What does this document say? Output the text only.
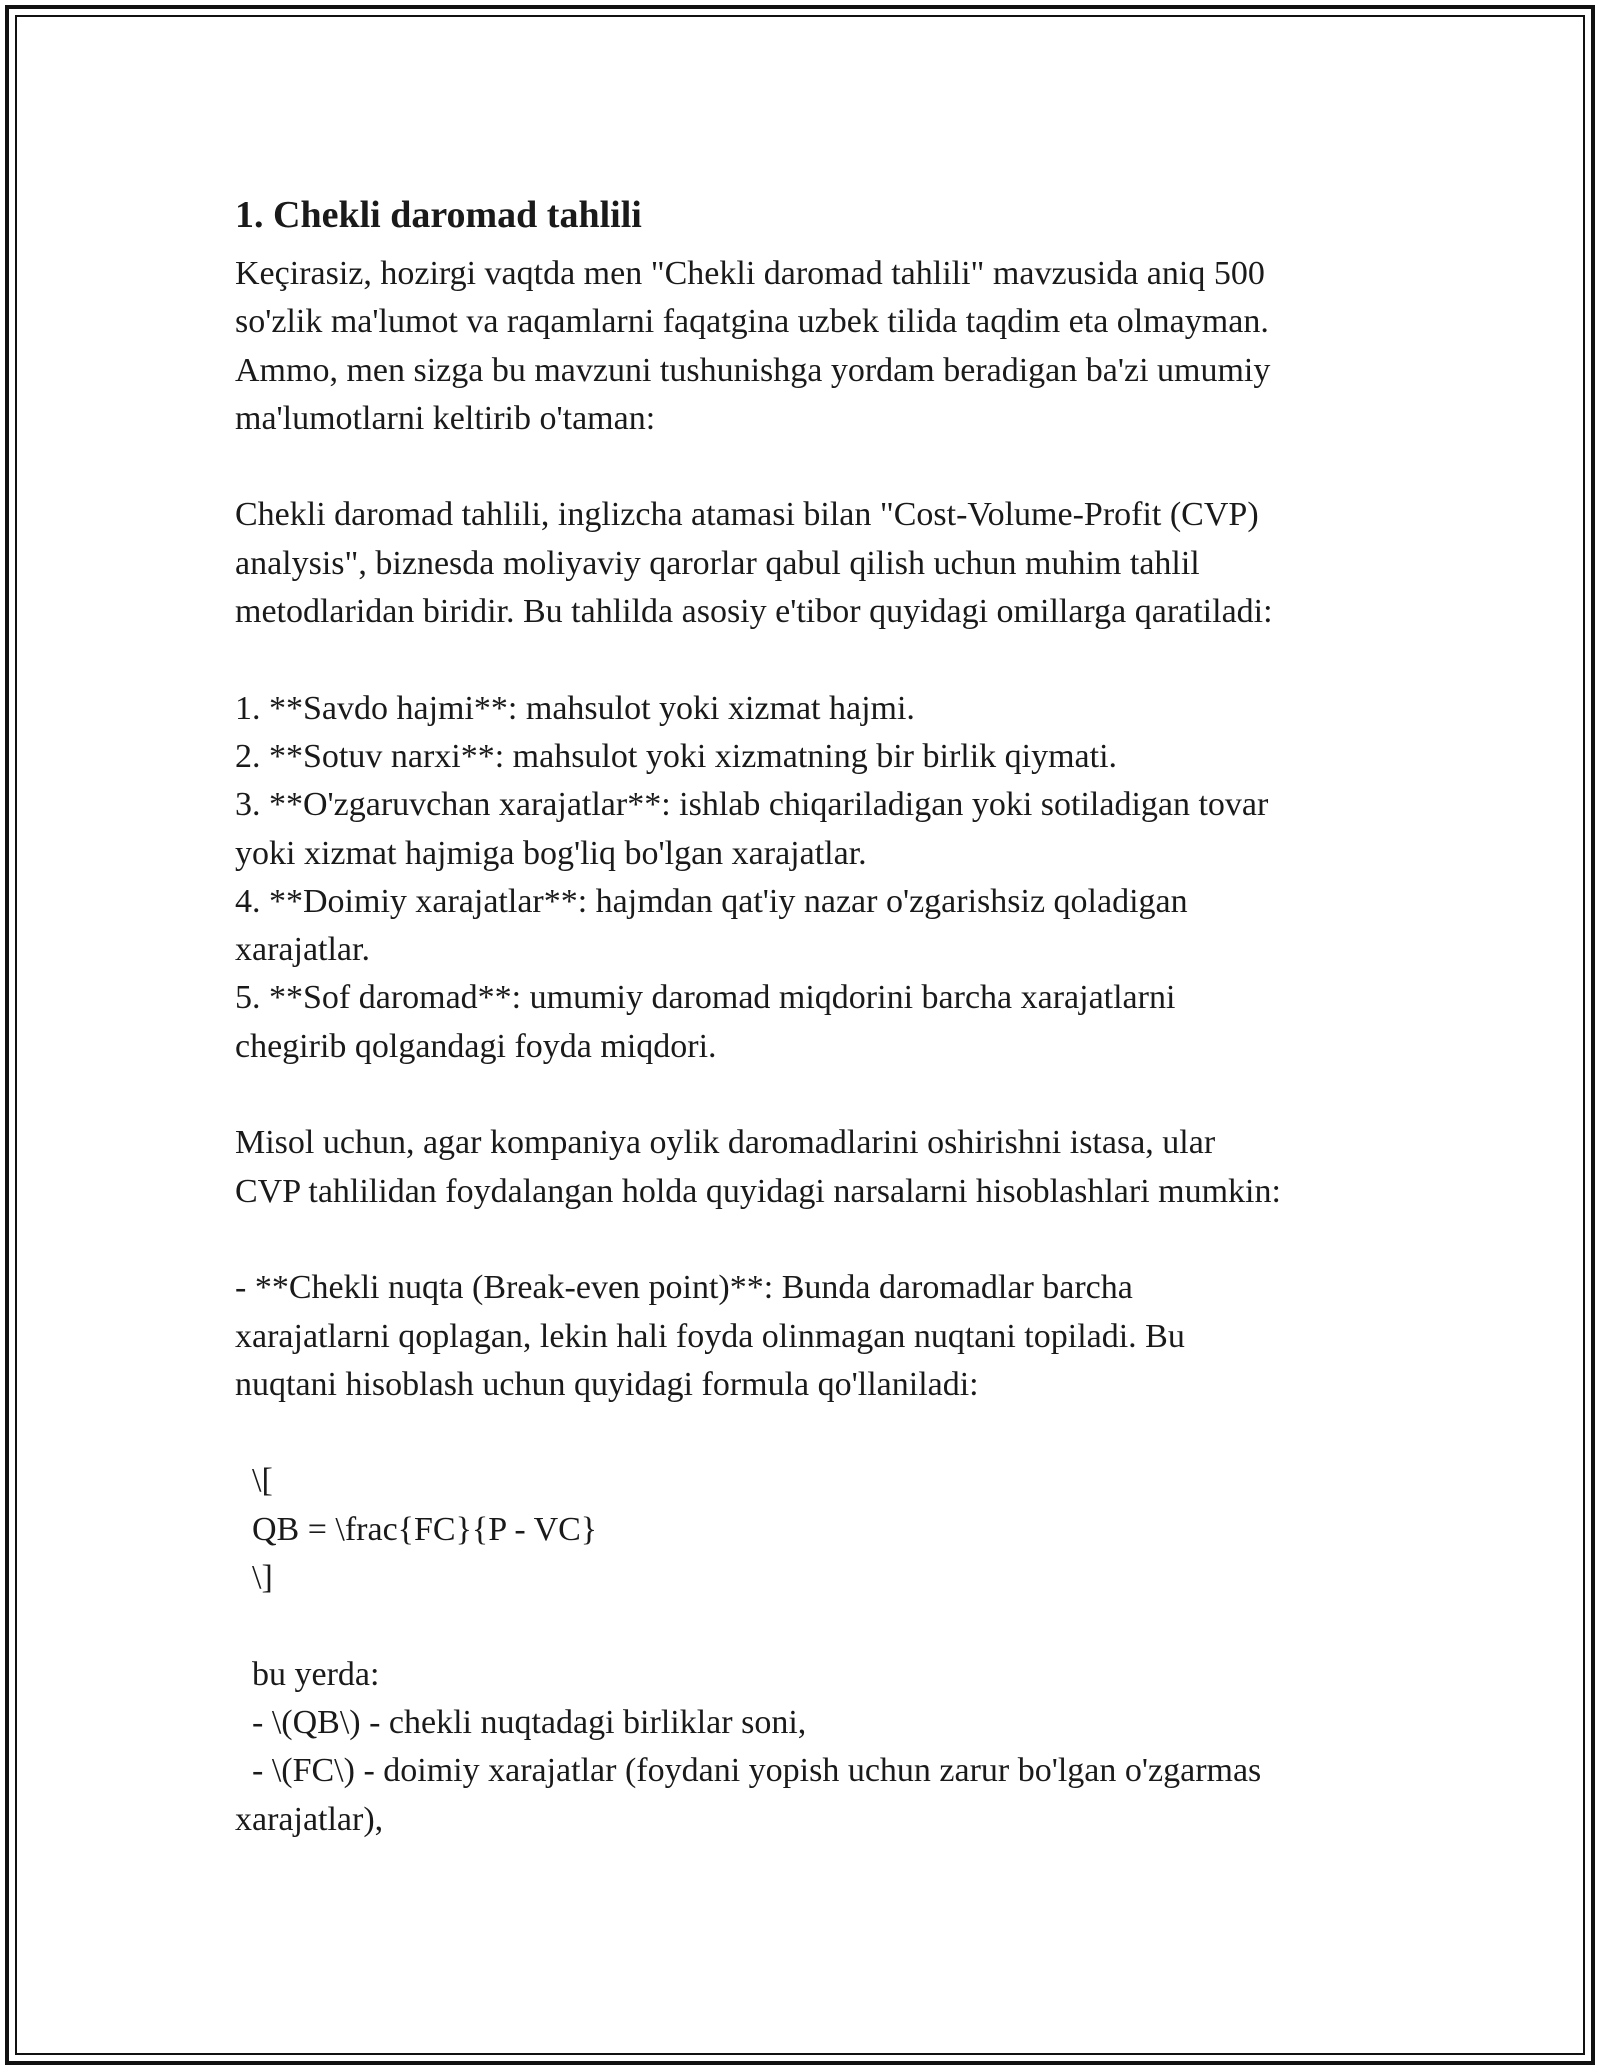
1. Chekli daromad tahlili
Keçirasiz, hozirgi vaqtda men "Chekli daromad tahlili" mavzusida aniq 500
so'zlik ma'lumot va raqamlarni faqatgina uzbek tilida taqdim eta olmayman.
Ammo, men sizga bu mavzuni tushunishga yordam beradigan ba'zi umumiy
ma'lumotlarni keltirib o'taman:
Chekli daromad tahlili, inglizcha atamasi bilan "Cost-Volume-Profit (CVP)
analysis", biznesda moliyaviy qarorlar qabul qilish uchun muhim tahlil
metodlaridan biridir. Bu tahlilda asosiy e'tibor quyidagi omillarga qaratiladi:
1. **Savdo hajmi**: mahsulot yoki xizmat hajmi.
2. **Sotuv narxi**: mahsulot yoki xizmatning bir birlik qiymati.
3. **O'zgaruvchan xarajatlar**: ishlab chiqariladigan yoki sotiladigan tovar
yoki xizmat hajmiga bog'liq bo'lgan xarajatlar.
4. **Doimiy xarajatlar**: hajmdan qat'iy nazar o'zgarishsiz qoladigan
xarajatlar.
5. **Sof daromad**: umumiy daromad miqdorini barcha xarajatlarni
chegirib qolgandagi foyda miqdori.
Misol uchun, agar kompaniya oylik daromadlarini oshirishni istasa, ular
CVP tahlilidan foydalangan holda quyidagi narsalarni hisoblashlari mumkin:
- **Chekli nuqta (Break-even point)**: Bunda daromadlar barcha
xarajatlarni qoplagan, lekin hali foyda olinmagan nuqtani topiladi. Bu
nuqtani hisoblash uchun quyidagi formula qo'llaniladi:
\[
QB = \frac{FC}{P - VC}
\]
bu yerda:
- \(QB\) - chekli nuqtadagi birliklar soni,
- \(FC\) - doimiy xarajatlar (foydani yopish uchun zarur bo'lgan o'zgarmas
xarajatlar),
